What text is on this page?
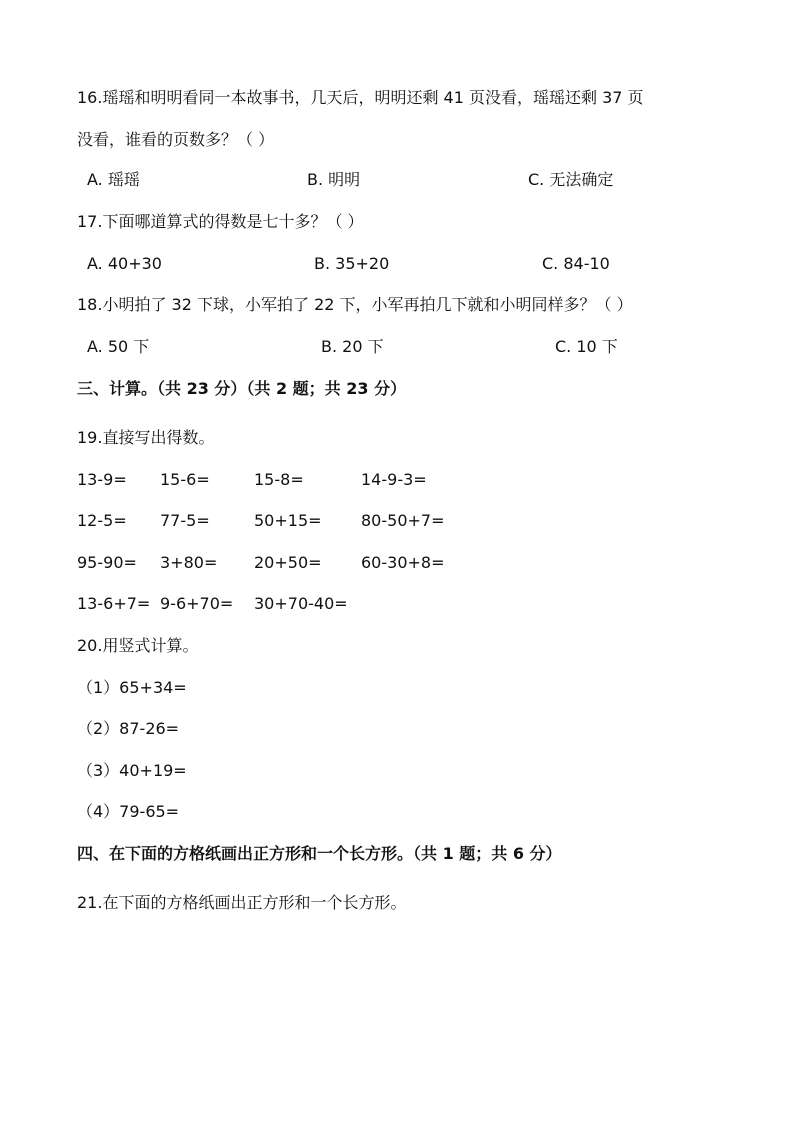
16.瑶瑶和明明看同一本故事书，几天后，明明还剩 41 页没看，瑶瑶还剩 37 页
没看，谁看的页数多？（ ）
A. 瑶瑶	B. 明明	C. 无法确定
17.下面哪道算式的得数是七十多？（ ）
A. 40+30	B. 35+20	C. 84-10
18.小明拍了 32 下球，小军拍了 22 下，小军再拍几下就和小明同样多？（ ）
A. 50 下	B. 20 下	C. 10 下
三、计算。（共 23 分）（共 2 题；共 23 分）
19.直接写出得数。
13-9= 15-6=	15-8=	14-9-3=
12-5= 77-5=	50+15= 80-50+7=
95-90= 3+80= 20+50= 60-30+8=
13-6+7= 9-6+70= 30+70-40=
20.用竖式计算。
（1）65+34=
（2）87-26=
（3）40+19=
（4）79-65=
四、在下面的方格纸画出正方形和一个长方形。（共 1 题；共 6 分）
21.在下面的方格纸画出正方形和一个长方形。
